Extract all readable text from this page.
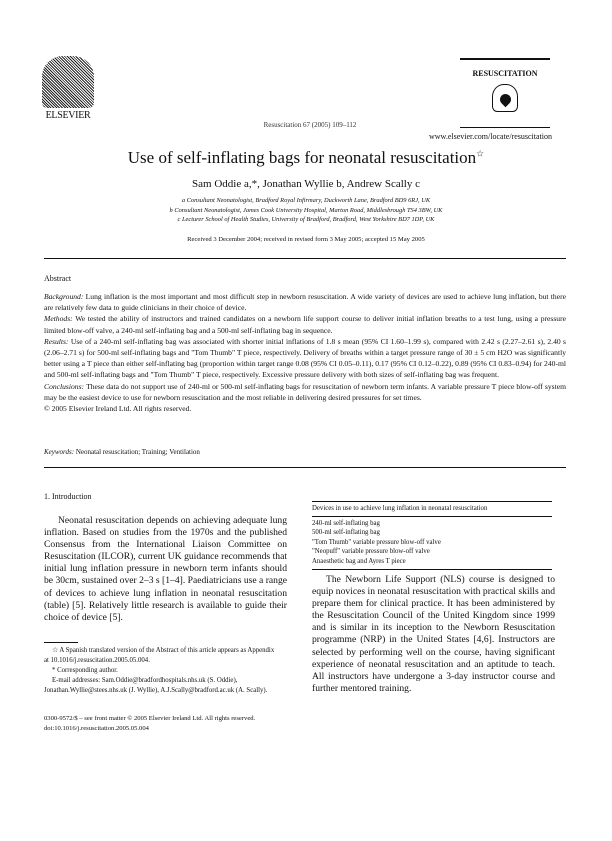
ELSEVIER
Resuscitation 67 (2005) 109–112
RESUSCITATION
www.elsevier.com/locate/resuscitation
Use of self-inflating bags for neonatal resuscitation☆
Sam Oddie a,*, Jonathan Wyllie b, Andrew Scally c
a Consultant Neonatologist, Bradford Royal Infirmary, Duckworth Lane, Bradford BD9 6RJ, UK
b Consultant Neonatologist, James Cook University Hospital, Marton Road, Middlesbrough TS4 3BW, UK
c Lecturer School of Health Studies, University of Bradford, Bradford, West Yorkshire BD7 1DP, UK
Received 3 December 2004; received in revised form 3 May 2005; accepted 15 May 2005
Abstract
Background: Lung inflation is the most important and most difficult step in newborn resuscitation. A wide variety of devices are used to achieve lung inflation, but there are relatively few data to guide clinicians in their choice of device.
Methods: We tested the ability of instructors and trained candidates on a newborn life support course to deliver initial inflation breaths to a test lung, using a pressure limited blow-off valve, a 240-ml self-inflating bag and a 500-ml self-inflating bag in sequence.
Results: Use of a 240-ml self-inflating bag was associated with shorter initial inflations of 1.8 s mean (95% CI 1.60–1.99 s), compared with 2.42 s (2.27–2.61 s), 2.40 s (2.06–2.71 s) for 500-ml self-inflating bags and "Tom Thumb" T piece, respectively. Delivery of breaths within a target pressure range of 30 ± 5 cm H2O was significantly better using a T piece than either self-inflating bag (proportion within target range 0.08 (95% CI 0.05–0.11), 0.17 (95% CI 0.12–0.22), 0.89 (95% CI 0.83–0.94) for 240-ml and 500-ml self-inflating bags and "Tom Thumb" T piece, respectively. Excessive pressure delivery with both sizes of self-inflating bag was frequent.
Conclusions: These data do not support use of 240-ml or 500-ml self-inflating bags for resuscitation of newborn term infants. A variable pressure T piece blow-off system may be the easiest device to use for newborn resuscitation and the most reliable in delivering desired pressures for set times.
© 2005 Elsevier Ireland Ltd. All rights reserved.
Keywords: Neonatal resuscitation; Training; Ventilation
1. Introduction
Neonatal resuscitation depends on achieving adequate lung inflation. Based on studies from the 1970s and the published Consensus from the International Liaison Committee on Resuscitation (ILCOR), current UK guidance recommends that initial lung inflation pressure in newborn term infants should be 30cm, sustained over 2–3 s [1–4]. Paediatricians use a range of devices to achieve lung inflation in neonatal resuscitation (table) [5]. Relatively little research is available to guide their choice of device [5].
☆ A Spanish translated version of the Abstract of this article appears as Appendix at 10.1016/j.resuscitation.2005.05.004.
* Corresponding author.
E-mail addresses: Sam.Oddie@bradfordhospitals.nhs.uk (S. Oddie), Jonathan.Wyllie@stees.nhs.uk (J. Wyllie), A.J.Scally@bradford.ac.uk (A. Scally).
0300-9572/$ – see front matter © 2005 Elsevier Ireland Ltd. All rights reserved.
doi:10.1016/j.resuscitation.2005.05.004
Devices in use to achieve lung inflation in neonatal resuscitation
240-ml self-inflating bag
500-ml self-inflating bag
"Tom Thumb" variable pressure blow-off valve
"Neopuff" variable pressure blow-off valve
Anaesthetic bag and Ayres T piece
The Newborn Life Support (NLS) course is designed to equip novices in neonatal resuscitation with practical skills and prepare them for clinical practice. It has been administered by the Resuscitation Council of the United Kingdom since 1999 and is similar in its inception to the Newborn Resuscitation programme (NRP) in the United States [4,6]. Instructors are selected by performing well on the course, having significant experience of neonatal resuscitation and an aptitude to teach. All instructors have undergone a 3-day instructor course and further mentored training.
